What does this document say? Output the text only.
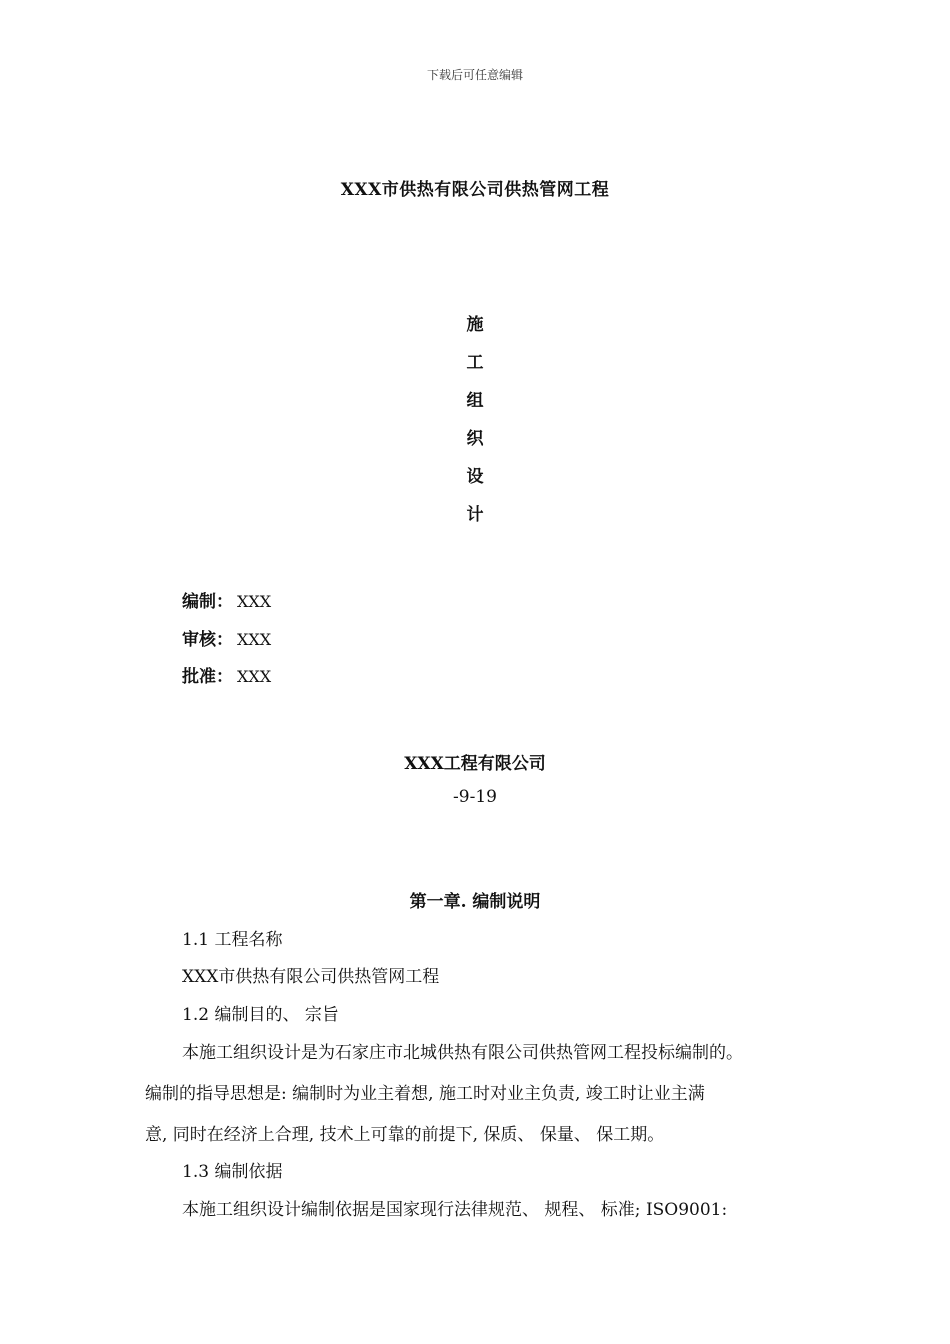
下载后可任意编辑
XXX市供热有限公司供热管网工程
施
工
组
织
设
计
编制： XXX
审核： XXX
批准： XXX
XXX工程有限公司
-9-19
第一章. 编制说明
1.1 工程名称
XXX市供热有限公司供热管网工程
1.2 编制目的、 宗旨
本施工组织设计是为石家庄市北城供热有限公司供热管网工程投标编制的。
编制的指导思想是: 编制时为业主着想, 施工时对业主负责, 竣工时让业主满
意, 同时在经济上合理, 技术上可靠的前提下, 保质、 保量、 保工期。
1.3 编制依据
本施工组织设计编制依据是国家现行法律规范、 规程、 标准; ISO9001:
